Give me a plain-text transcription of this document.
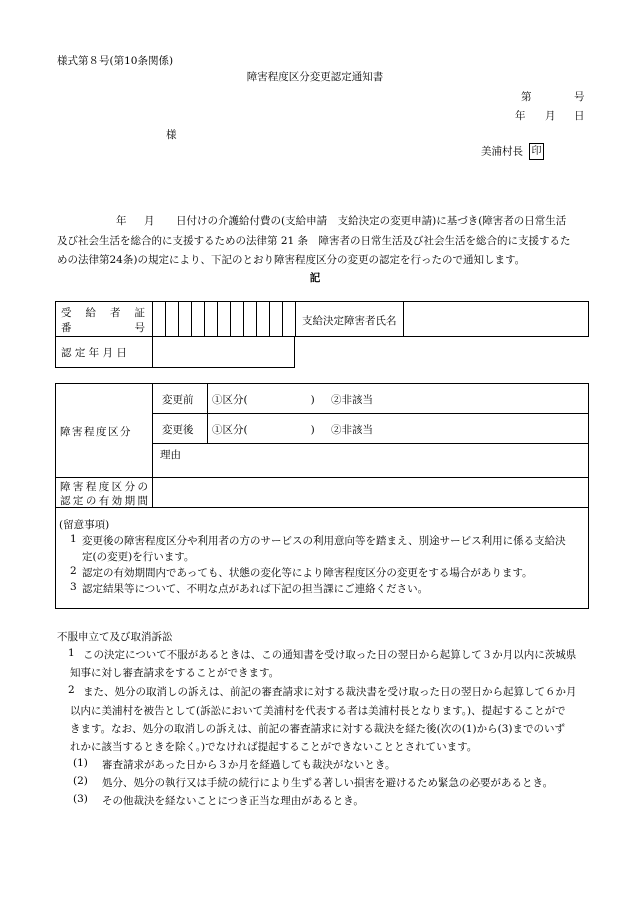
様式第８号(第10条関係)
障害程度区分変更認定通知書
第	号
年 月 日
様
美浦村長 印
年 月 日付けの介護給付費の(支給申請　支給決定の変更申請)に基づき(障害者の日常生活
及び社会生活を総合的に支援するための法律第 21 条　障害者の日常生活及び社会生活を総合的に支援するた
めの法律第24条)の規定により、下記のとおり障害程度区分の変更の認定を行ったので通知します。
記
受　給　者　証
番　　　　　号
支給決定障害者氏名
認 定 年 月 日
障害程度区分
変更前 ①区分(　　　　　　) ②非該当
変更後 ①区分(　　　　　　) ②非該当
理由
障害程度区分の
認定の有効期間
(留意事項)
1 変更後の障害程度区分や利用者の方のサービスの利用意向等を踏まえ、別途サービス利用に係る支給決
定(の変更)を行います。
2 認定の有効期間内であっても、状態の変化等により障害程度区分の変更をする場合があります。
3 認定結果等について、不明な点があれば下記の担当課にご連絡ください。
不服申立て及び取消訴訟
1 この決定について不服があるときは、この通知書を受け取った日の翌日から起算して３か月以内に茨城県
知事に対し審査請求をすることができます。
2 また、処分の取消しの訴えは、前記の審査請求に対する裁決書を受け取った日の翌日から起算して６か月
以内に美浦村を被告として(訴訟において美浦村を代表する者は美浦村長となります。)、提起することがで
きます。なお、処分の取消しの訴えは、前記の審査請求に対する裁決を経た後(次の(1)から(3)までのいず
れかに該当するときを除く。)でなければ提起することができないこととされています。
(1) 審査請求があった日から３か月を経過しても裁決がないとき。
(2) 処分、処分の執行又は手続の続行により生ずる著しい損害を避けるため緊急の必要があるとき。
(3) その他裁決を経ないことにつき正当な理由があるとき。
